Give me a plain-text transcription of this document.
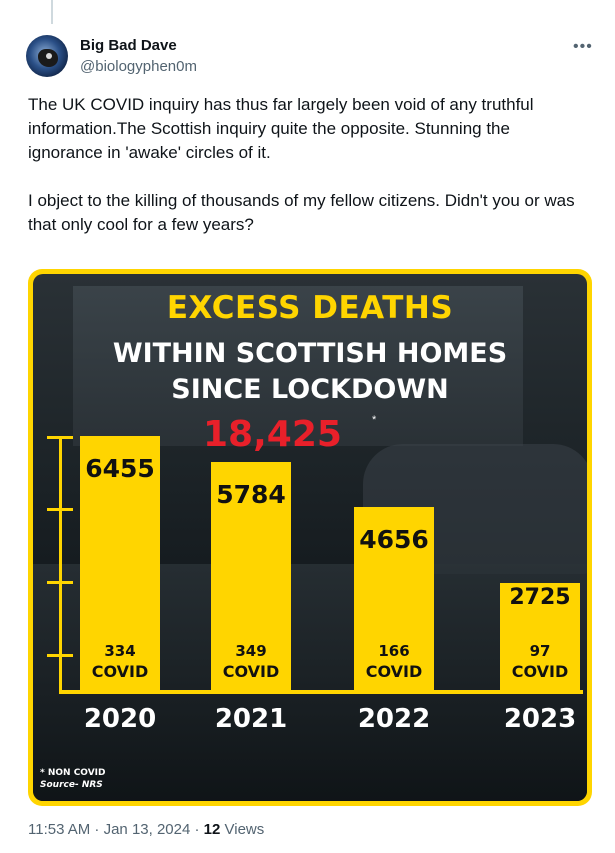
Big Bad Dave
@biologyphen0m
•••

The UK COVID inquiry has thus far largely been void of any truthful information.The Scottish inquiry quite the opposite. Stunning the ignorance in 'awake' circles of it.

I object to the killing of thousands of my fellow citizens. Didn't you or was that only cool for a few years?

EXCESS DEATHS
WITHIN SCOTTISH HOMES
SINCE LOCKDOWN
18,425	*
6455
334
COVID
2020
5784
349
COVID
2021
4656
166
COVID
2022
2725
97
COVID
2023
* NON COVID
Source- NRS
11:53 AM · Jan 13, 2024 · 12 Views
